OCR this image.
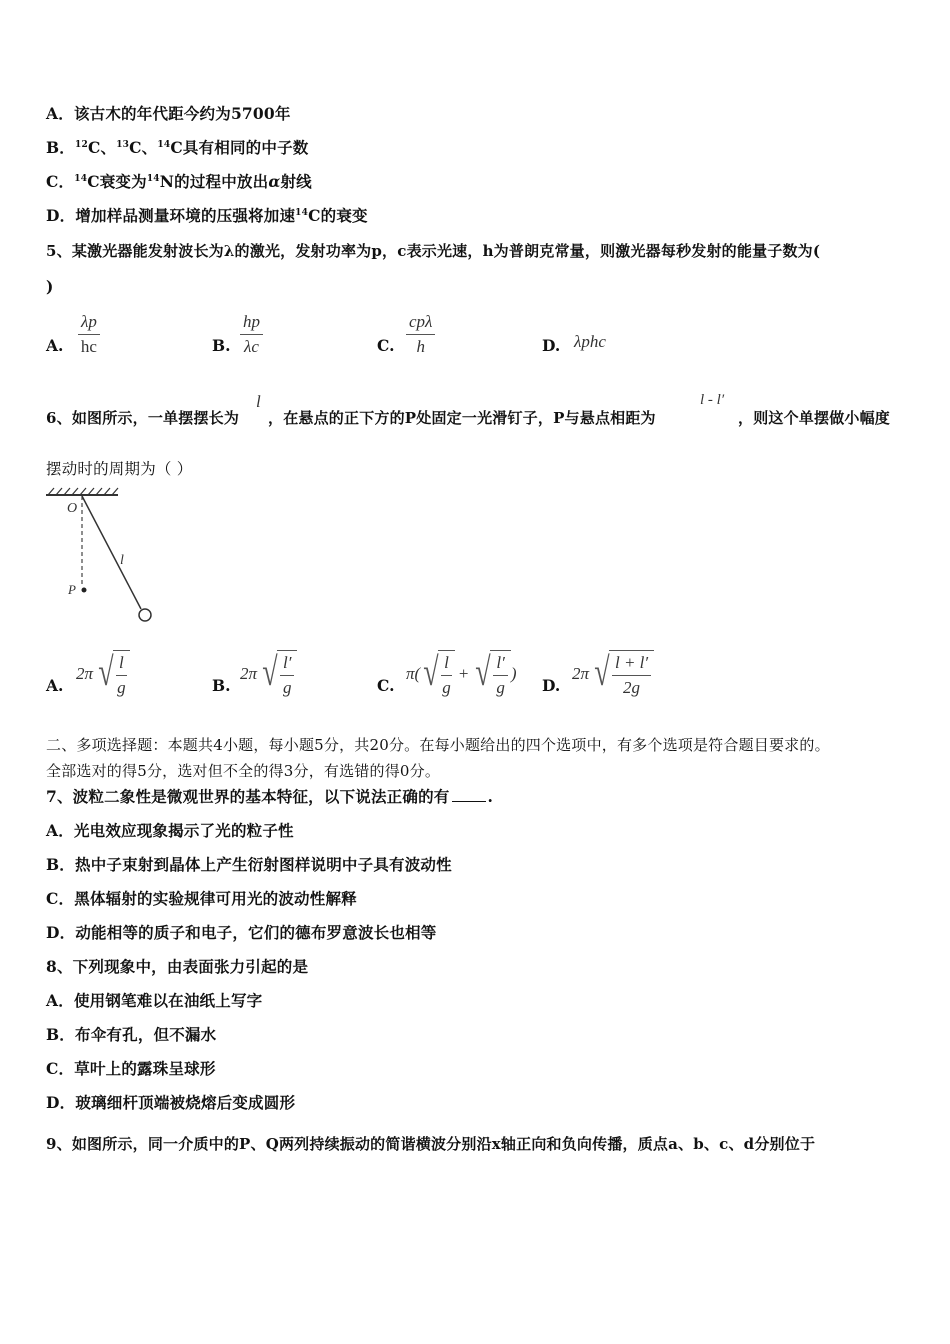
A．该古木的年代距今约为5700年
B．$^{12}$C、$^{13}$C、$^{14}$C具有相同的中子数
C．$^{14}$C衰变为$^{14}$N的过程中放出α射线
D．增加样品测量环境的压强将加速$^{14}$C的衰变
5、某激光器能发射波长为λ的激光，发射功率为p，c表示光速，h为普朗克常量，则激光器每秒发射的能量子数为(
)
A. $\frac{\lambda p}{hc}$	B. $\frac{hp}{\lambda c}$	C. $\frac{\text{cpλ}}{h}$	D. λphc
6、如图所示，一单摆摆长为
l
，在悬点的正下方的P处固定一光滑钉子，P与悬点相距为
l - l′
，则这个单摆做小幅度
摆动时的周期为（ ）
O
l
P
A.
2π √ $\frac{l}{g}$	B.
2π √ $\frac{l'}{g}$	C.
π( √ $\frac{l}{g}$ + √ $\frac{l'}{g}$ )
D.
2π √ $\frac{l + l'}{2g}$
二、多项选择题：本题共4小题，每小题5分，共20分。在每小题给出的四个选项中，有多个选项是符合题目要求的。
全部选对的得5分，选对但不全的得3分，有选错的得0分。
7、波粒二象性是微观世界的基本特征，以下说法正确的有 .
A．光电效应现象揭示了光的粒子性
B．热中子束射到晶体上产生衍射图样说明中子具有波动性
C．黑体辐射的实验规律可用光的波动性解释
D．动能相等的质子和电子，它们的德布罗意波长也相等
8、下列现象中，由表面张力引起的是
A．使用钢笔难以在油纸上写字
B．布伞有孔，但不漏水
C．草叶上的露珠呈球形
D．玻璃细杆顶端被烧熔后变成圆形
9、如图所示，同一介质中的P、Q两列持续振动的简谐横波分别沿x轴正向和负向传播，质点a、b、c、d分别位于
